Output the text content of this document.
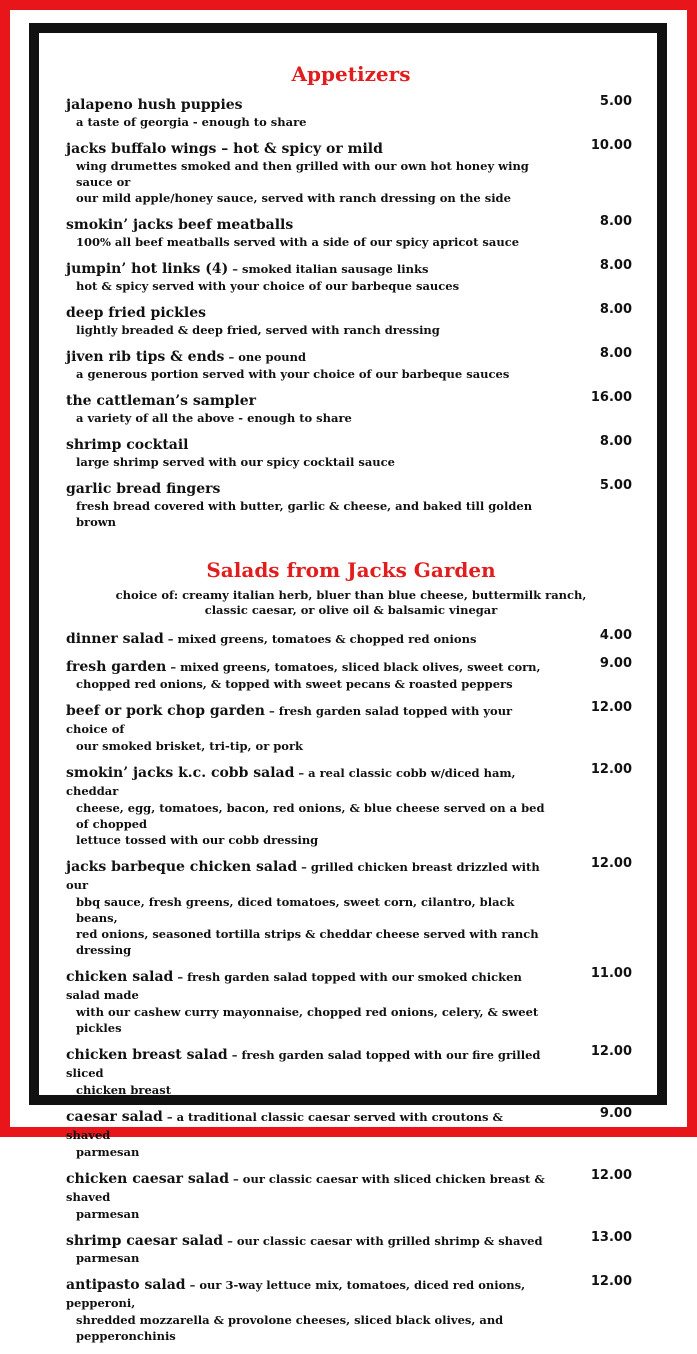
Appetizers
jalapeno hush puppies
a taste of georgia - enough to share
5.00
jacks buffalo wings – hot & spicy or mild
wing drumettes smoked and then grilled with our own hot honey wing sauce or
our mild apple/honey sauce, served with ranch dressing on the side
10.00
smokin’ jacks beef meatballs
100% all beef meatballs served with a side of our spicy apricot sauce
8.00
jumpin’ hot links (4) – smoked italian sausage links
hot & spicy served with your choice of our barbeque sauces
8.00
deep fried pickles
lightly breaded & deep fried, served with ranch dressing
8.00
jiven rib tips & ends – one pound
a generous portion served with your choice of our barbeque sauces
8.00
the cattleman’s sampler
a variety of all the above - enough to share
16.00
shrimp cocktail
large shrimp served with our spicy cocktail sauce
8.00
garlic bread fingers
fresh bread covered with butter, garlic & cheese, and baked till golden brown
5.00
Salads from Jacks Garden
choice of: creamy italian herb, bluer than blue cheese, buttermilk ranch,
classic caesar, or olive oil & balsamic vinegar
dinner salad – mixed greens, tomatoes & chopped red onions	4.00
fresh garden – mixed greens, tomatoes, sliced black olives, sweet corn,
chopped red onions, & topped with sweet pecans & roasted peppers
9.00
beef or pork chop garden – fresh garden salad topped with your choice of
our smoked brisket, tri-tip, or pork
12.00
smokin’ jacks k.c. cobb salad – a real classic cobb w/diced ham, cheddar
cheese, egg, tomatoes, bacon, red onions, & blue cheese served on a bed of chopped
lettuce tossed with our cobb dressing
12.00
jacks barbeque chicken salad – grilled chicken breast drizzled with our
bbq sauce, fresh greens, diced tomatoes, sweet corn, cilantro, black beans,
red onions, seasoned tortilla strips & cheddar cheese served with ranch dressing
12.00
chicken salad – fresh garden salad topped with our smoked chicken salad made
with our cashew curry mayonnaise, chopped red onions, celery, & sweet pickles
11.00
chicken breast salad – fresh garden salad topped with our fire grilled sliced
chicken breast
12.00
caesar salad – a traditional classic caesar served with croutons & shaved
parmesan
9.00
chicken caesar salad – our classic caesar with sliced chicken breast & shaved
parmesan
12.00
shrimp caesar salad – our classic caesar with grilled shrimp & shaved
parmesan
13.00
antipasto salad – our 3-way lettuce mix, tomatoes, diced red onions, pepperoni,
shredded mozzarella & provolone cheeses, sliced black olives, and pepperonchinis
12.00
